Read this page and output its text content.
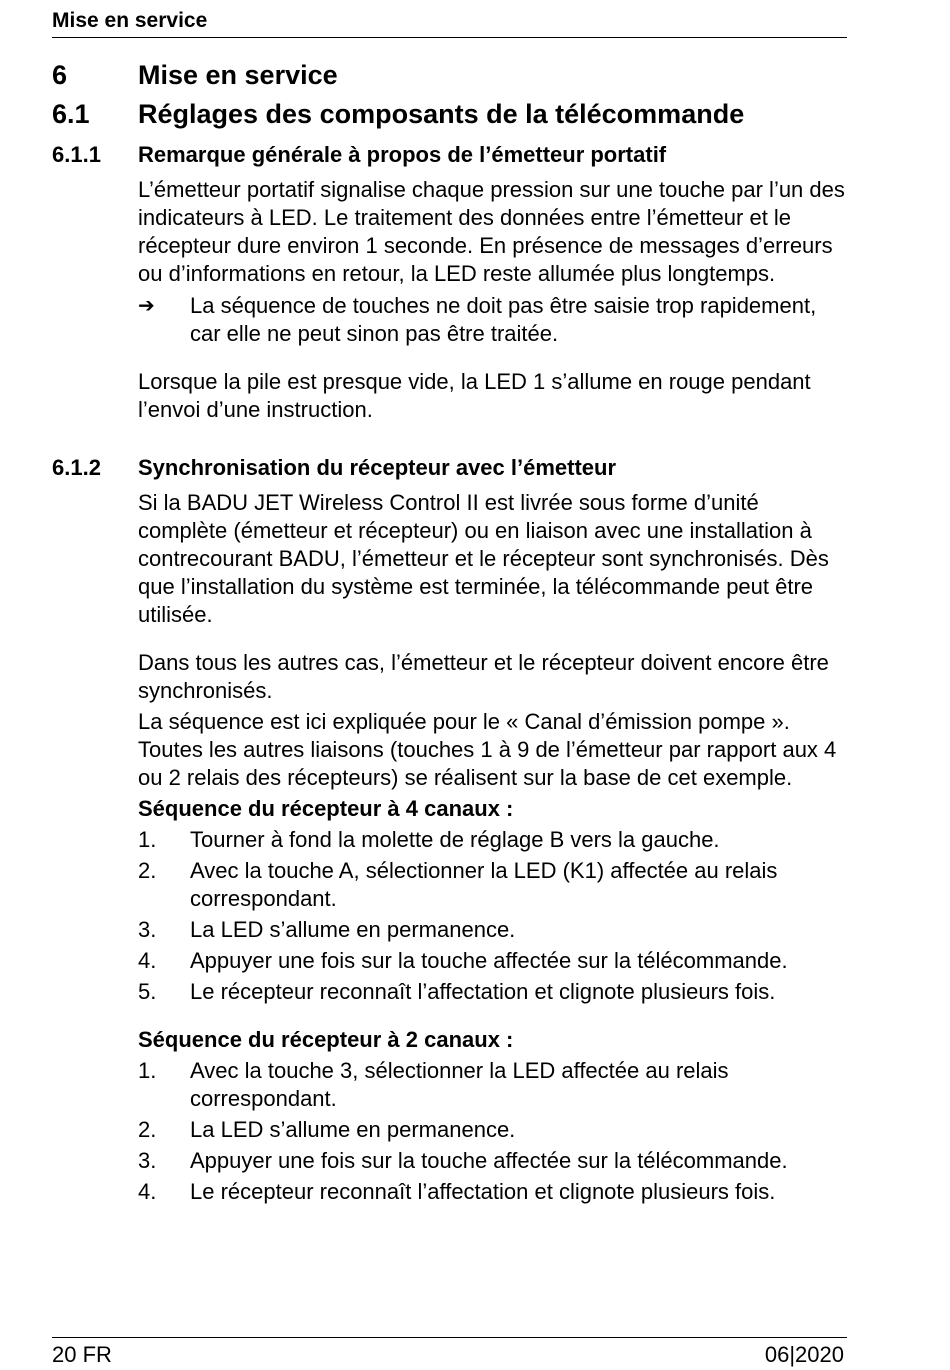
Mise en service
6	Mise en service
6.1 Réglages des composants de la télécommande
6.1.1 Remarque générale à propos de l’émetteur portatif

L’émetteur portatif signalise chaque pression sur une touche par l’un des indicateurs à LED. Le traitement des données entre l’émetteur et le récepteur dure environ 1 seconde. En présence de messages d’erreurs ou d’informations en retour, la LED reste allumée plus longtemps.

➔	La séquence de touches ne doit pas être saisie trop rapidement, car elle ne peut sinon pas être traitée.

Lorsque la pile est presque vide, la LED 1 s’allume en rouge pendant l’envoi d’une instruction.

6.1.2 Synchronisation du récepteur avec l’émetteur

Si la BADU JET Wireless Control II est livrée sous forme d’unité complète (émetteur et récepteur) ou en liaison avec une installation à contrecourant BADU, l’émetteur et le récepteur sont synchronisés. Dès que l’installation du système est terminée, la télécommande peut être utilisée.

Dans tous les autres cas, l’émetteur et le récepteur doivent encore être synchronisés.

La séquence est ici expliquée pour le « Canal d’émission pompe ». Toutes les autres liaisons (touches 1 à 9 de l’émetteur par rapport aux 4 ou 2 relais des récepteurs) se réalisent sur la base de cet exemple.

Séquence du récepteur à 4 canaux :

1.	Tourner à fond la molette de réglage B vers la gauche.
2.	Avec la touche A, sélectionner la LED (K1) affectée au relais correspondant.
3.	La LED s’allume en permanence.
4.	Appuyer une fois sur la touche affectée sur la télécommande.
5.	Le récepteur reconnaît l’affectation et clignote plusieurs fois.

Séquence du récepteur à 2 canaux :

1.	Avec la touche 3, sélectionner la LED affectée au relais correspondant.
2.	La LED s’allume en permanence.
3.	Appuyer une fois sur la touche affectée sur la télécommande.
4.	Le récepteur reconnaît l’affectation et clignote plusieurs fois.
20 FR	06|2020
